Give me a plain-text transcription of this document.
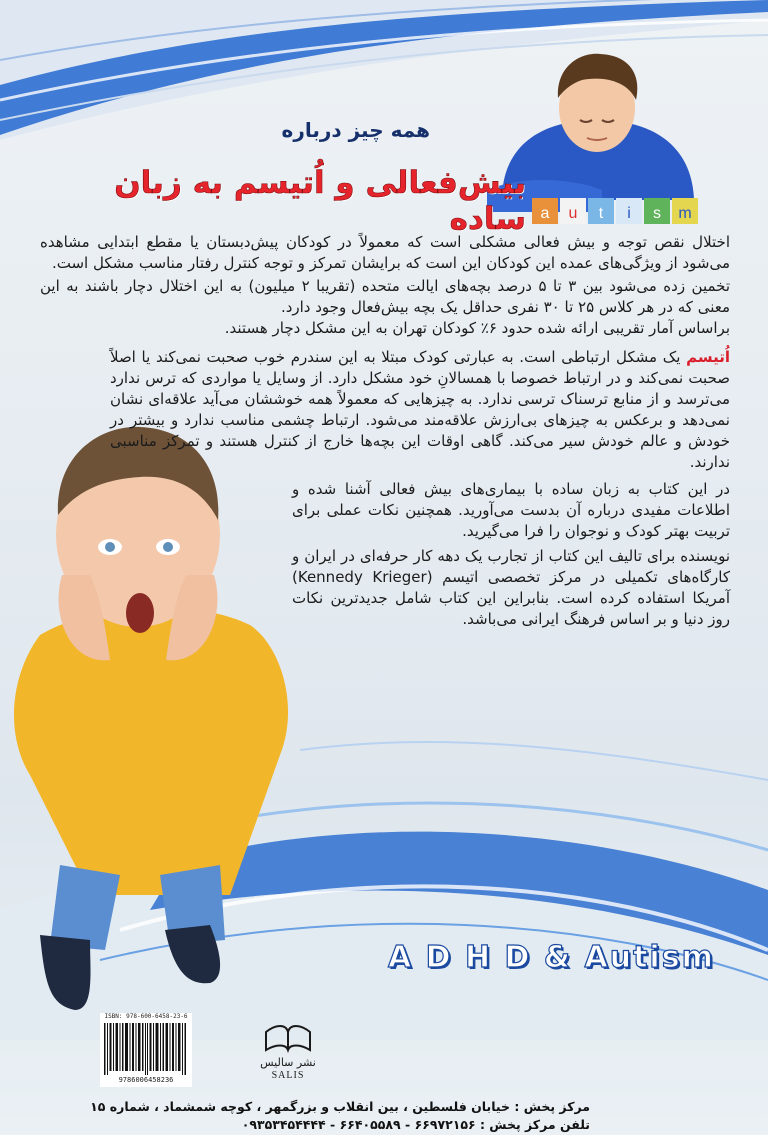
a u t i s m
همه چیز درباره
بیش‌فعالی و اُتیسم به زبان ساده

اختلال نقص توجه و بیش فعالی مشکلی است که معمولاً در کودکان پیش‌دبستان یا مقطع ابتدایی مشاهده می‌شود از ویژگی‌های عمده این کودکان این است که برایشان تمرکز و توجه کنترل رفتار مناسب مشکل است.

تخمین زده می‌شود بین ۳ تا ۵ درصد بچه‌های ایالت متحده (تقریبا ۲ میلیون) به این اختلال دچار باشند به این معنی که در هر کلاس ۲۵ تا ۳۰ نفری حداقل یک بچه بیش‌فعال وجود دارد.

براساس آمار تقریبی ارائه شده حدود ۶٪ کودکان تهران به این مشکل دچار هستند.

اُتیسم یک مشکل ارتباطی است. به عبارتی کودک مبتلا به این سندرم خوب صحبت نمی‌کند یا اصلاً صحبت نمی‌کند و در ارتباط خصوصا با همسالانِ خود مشکل دارد. از وسایل یا مواردی که ترس ندارد می‌ترسد و از منابع ترسناک ترسی ندارد. به چیزهایی که معمولاً همه خوششان می‌آید علاقه‌ای نشان نمی‌دهد و برعکس به چیزهای بی‌ارزش علاقه‌مند می‌شود. ارتباط چشمی مناسب ندارد و بیشتر در خودش و عالم خودش سیر می‌کند. گاهی اوقات این بچه‌ها خارج از کنترل هستند و تمرکز مناسبی ندارند.

در این کتاب به زبان ساده با بیماری‌های بیش فعالی آشنا شده و اطلاعات مفیدی درباره آن بدست می‌آورید. همچنین نکات عملی برای تربیت بهتر کودک و نوجوان را فرا می‌گیرید.

نویسنده برای تالیف این کتاب از تجارب یک دهه کار حرفه‌ای در ایران و کارگاه‌های تکمیلی در مرکز تخصصی اتیسم (Kennedy Krieger) آمریکا استفاده کرده است. بنابراین این کتاب شامل جدیدترین نکات روز دنیا و بر اساس فرهنگ ایرانی می‌باشد.

A D H D & Autism
ISBN: 978-600-6458-23-6
9786006458236
نشر سالیس
SALIS
مرکز پخش : خیابان فلسطین ، بین انقلاب و بزرگمهر ، کوچه شمشماد ، شماره ۱۵
تلفن مرکز پخش : ۶۶۹۷۲۱۵۶ - ۶۶۴۰۵۵۸۹ - ۰۹۳۵۳۴۵۴۴۴۴
